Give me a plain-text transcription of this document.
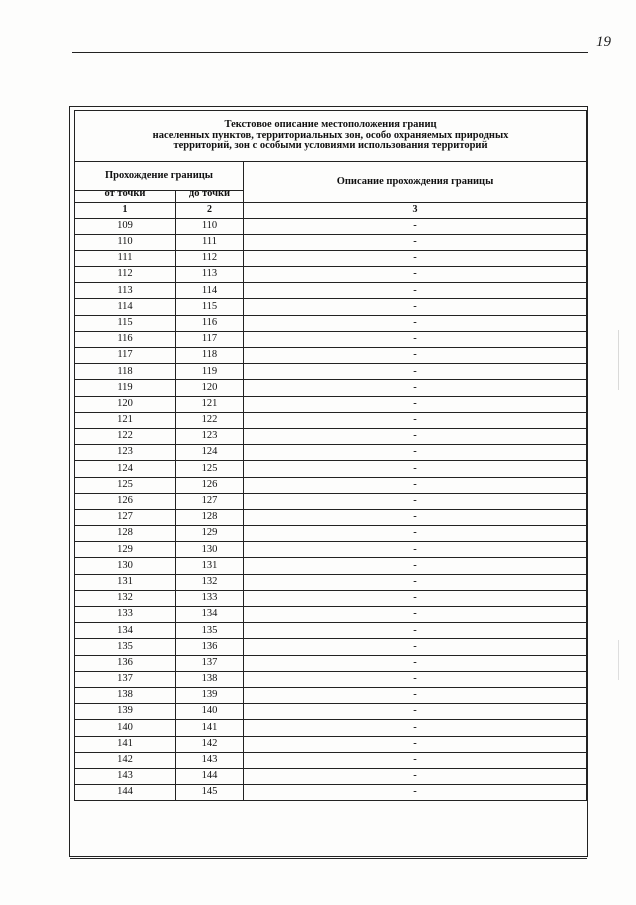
19
Текстовое описание местоположения границ
населенных пунктов, территориальных зон, особо охраняемых природных
территорий, зон с особыми условиями использования территорий		

Прохождение границы		Описание прохождения границы
от точки	до точки	
1	2	3
109	110	-
110	111	-
111	112	-
112	113	-
113	114	-
114	115	-
115	116	-
116	117	-
117	118	-
118	119	-
119	120	-
120	121	-
121	122	-
122	123	-
123	124	-
124	125	-
125	126	-
126	127	-
127	128	-
128	129	-
129	130	-
130	131	-
131	132	-
132	133	-
133	134	-
134	135	-
135	136	-
136	137	-
137	138	-
138	139	-
139	140	-
140	141	-
141	142	-
142	143	-
143	144	-
144	145	-
